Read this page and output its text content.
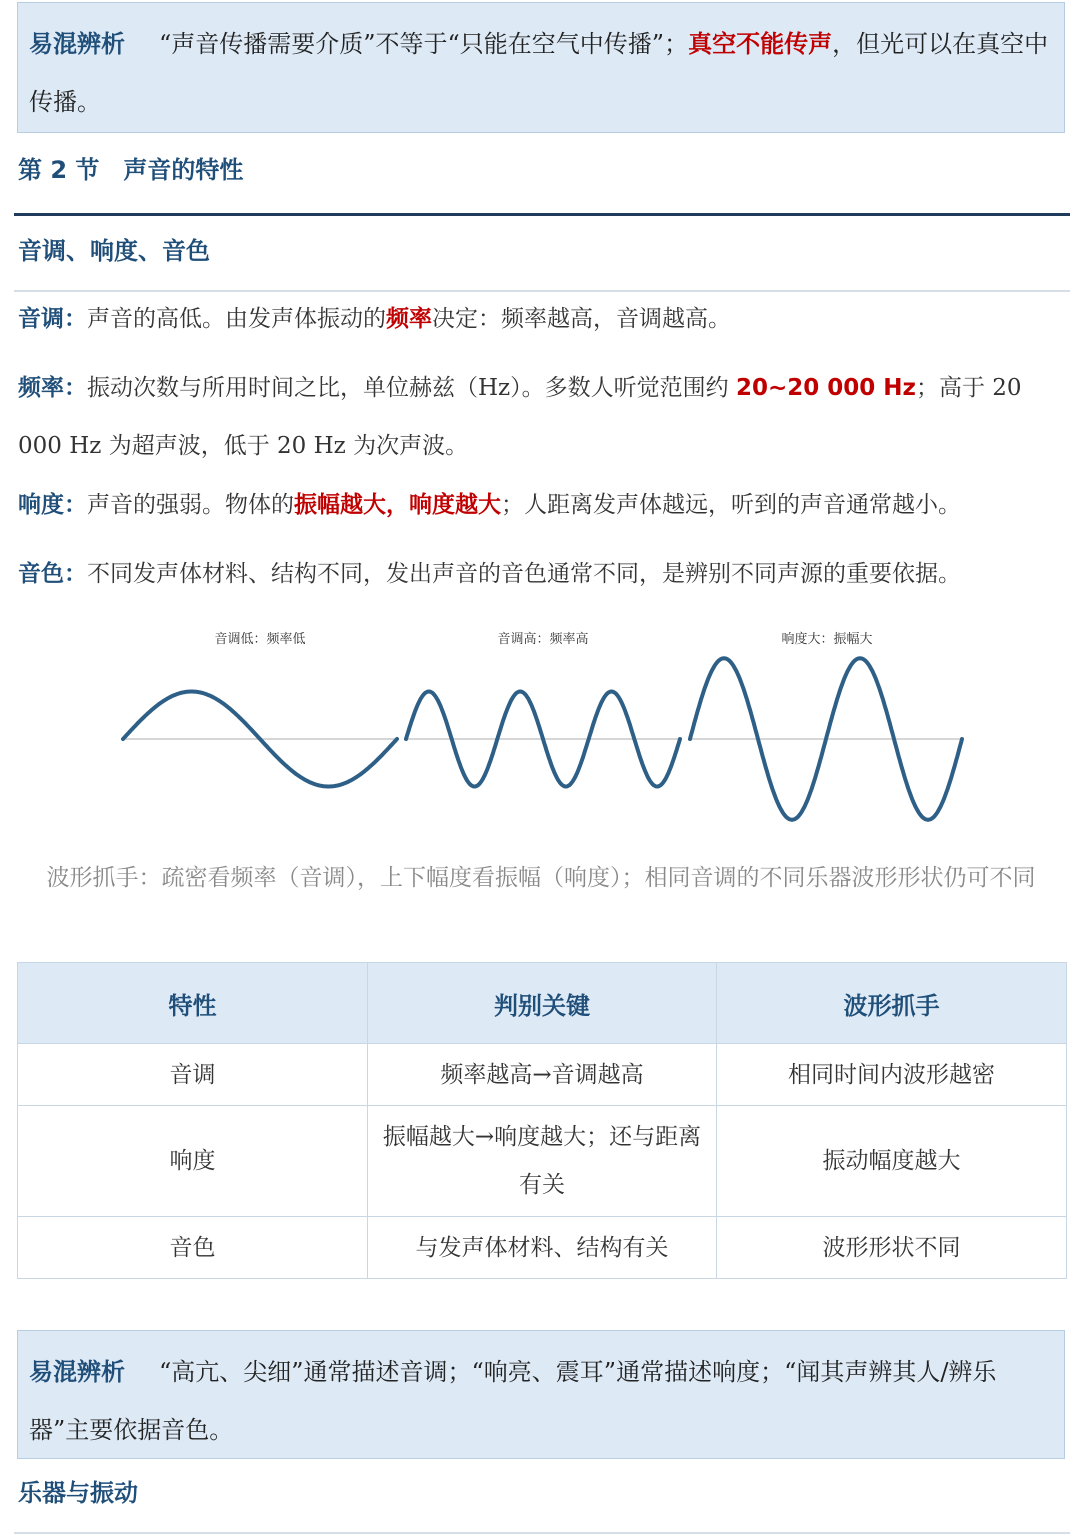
易混辨析 “声音传播需要介质”不等于“只能在空气中传播”；真空不能传声，但光可以在真空中传播。
第 2 节　声音的特性
音调、响度、音色
音调：声音的高低。由发声体振动的频率决定：频率越高，音调越高。
频率：振动次数与所用时间之比，单位赫兹（Hz）。多数人听觉范围约 20~20 000 Hz；高于 20 000 Hz 为超声波，低于 20 Hz 为次声波。
响度：声音的强弱。物体的振幅越大，响度越大；人距离发声体越远，听到的声音通常越小。
音色：不同发声体材料、结构不同，发出声音的音色通常不同，是辨别不同声源的重要依据。
音调低：频率低	音调高：频率高	响度大：振幅大
波形抓手：疏密看频率（音调），上下幅度看振幅（响度）；相同音调的不同乐器波形形状仍可不同
特性	判别关键	波形抓手
音调	频率越高→音调越高	相同时间内波形越密
响度	振幅越大→响度越大；还与距离有关	振动幅度越大
音色	与发声体材料、结构有关	波形形状不同
易混辨析 “高亢、尖细”通常描述音调；“响亮、震耳”通常描述响度；“闻其声辨其人/辨乐器”主要依据音色。
乐器与振动
